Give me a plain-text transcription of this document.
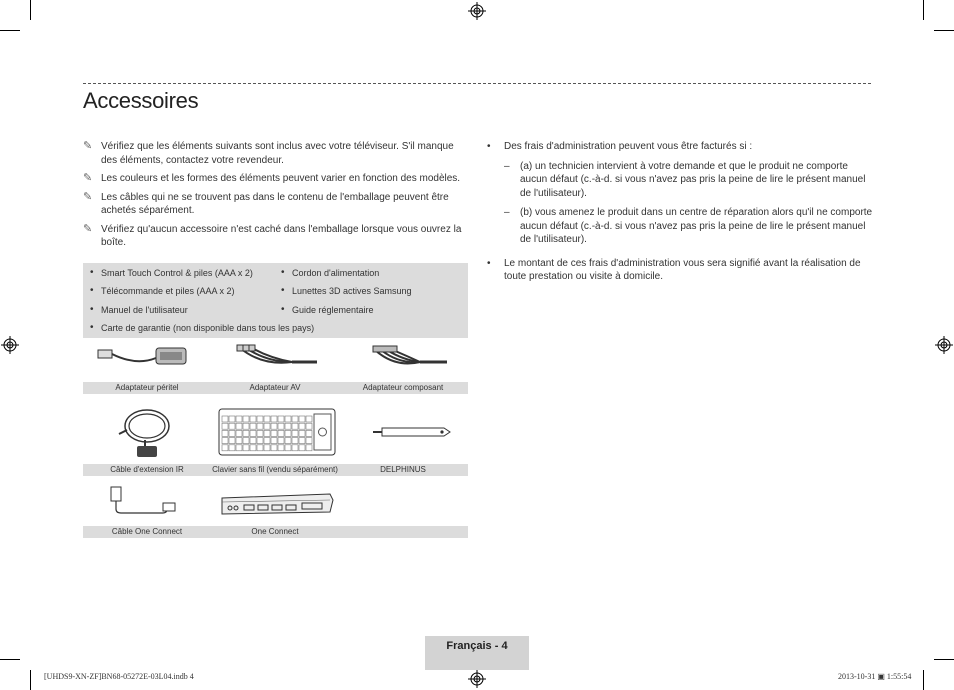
Accessoires
✎ Vérifiez que les éléments suivants sont inclus avec votre téléviseur. S'il manque des éléments, contactez votre revendeur.
✎ Les couleurs et les formes des éléments peuvent varier en fonction des modèles.
✎ Les câbles qui ne se trouvent pas dans le contenu de l'emballage peuvent être achetés séparément.
✎ Vérifiez qu'aucun accessoire n'est caché dans l'emballage lorsque vous ouvrez la boîte.
• Smart Touch Control & piles (AAA x 2)	• Cordon d'alimentation
• Télécommande et piles (AAA x 2)	• Lunettes 3D actives Samsung
• Manuel de l'utilisateur	• Guide réglementaire
• Carte de garantie (non disponible dans tous les pays)
Adaptateur péritel	Adaptateur AV	Adaptateur composant
Câble d'extension IR	Clavier sans fil (vendu séparément)	DELPHINUS
Câble One Connect	One Connect
• Des frais d'administration peuvent vous être facturés si :
– (a) un technicien intervient à votre demande et que le produit ne comporte aucun défaut (c.-à-d. si vous n'avez pas pris la peine de lire le présent manuel de l'utilisateur).
– (b) vous amenez le produit dans un centre de réparation alors qu'il ne comporte aucun défaut (c.-à-d. si vous n'avez pas pris la peine de lire le présent manuel de l'utilisateur).
• Le montant de ces frais d'administration vous sera signifié avant la réalisation de toute prestation ou visite à domicile.
Français - 4
[UHDS9-XN-ZF]BN68-05272E-03L04.indb 4	2013-10-31 ▣ 1:55:54
